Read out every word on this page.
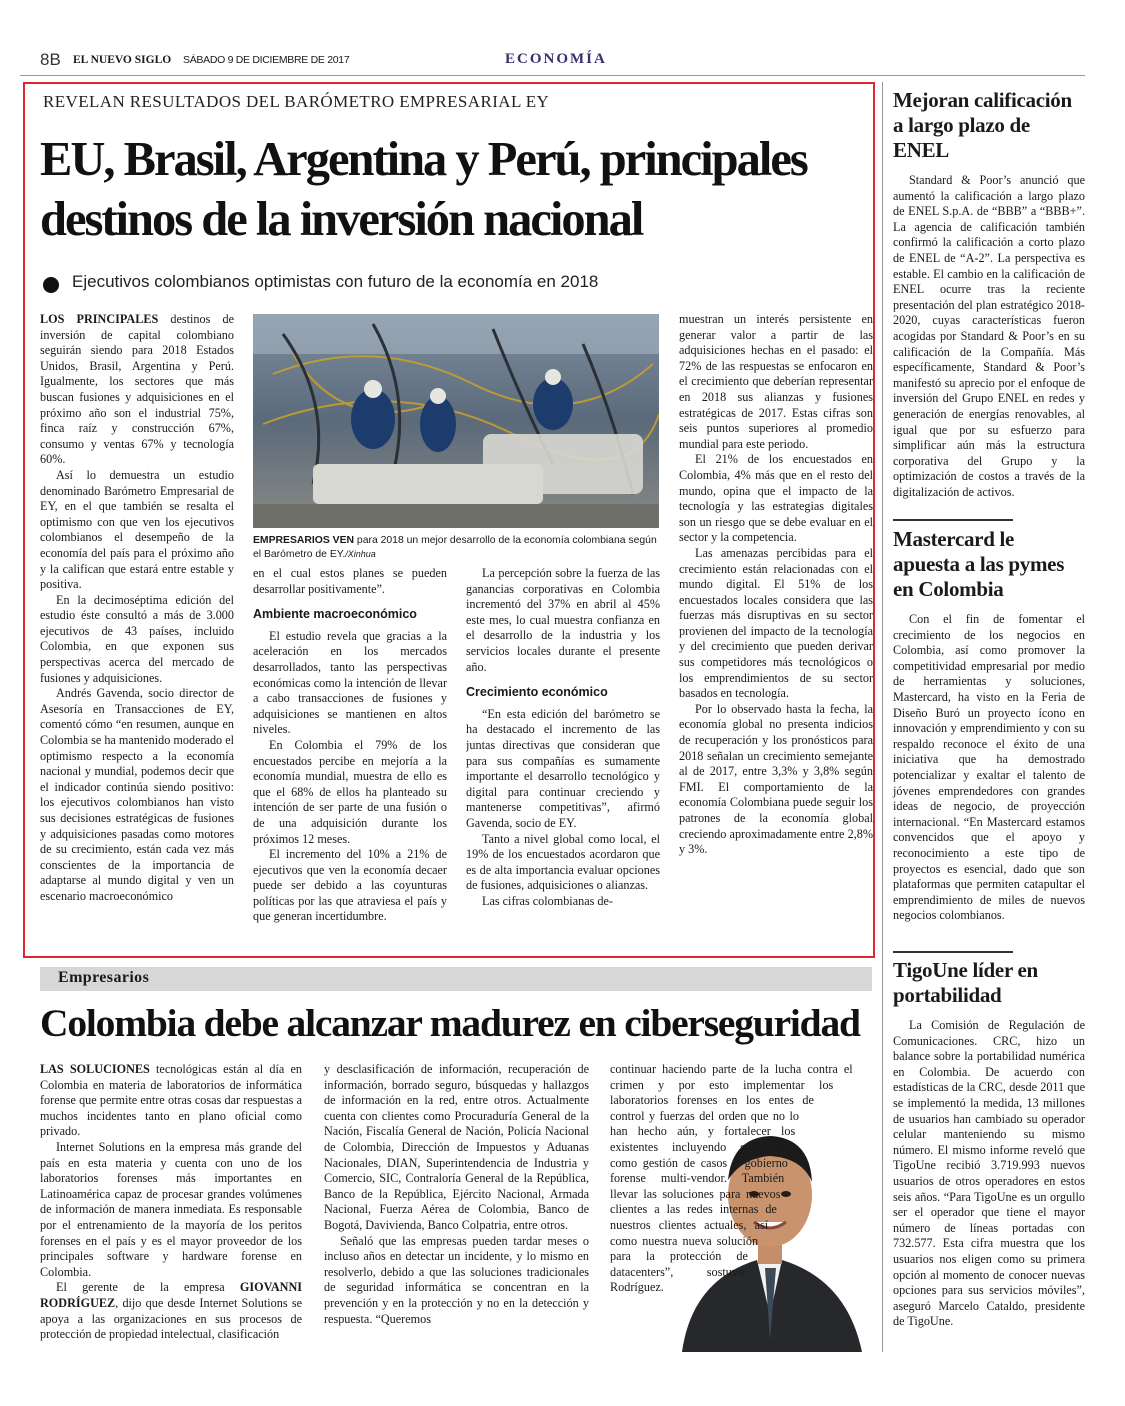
8B EL NUEVO SIGLO SÁBADO 9 DE DICIEMBRE DE 2017	ECONOMÍA
REVELAN RESULTADOS DEL BARÓMETRO EMPRESARIAL EY
EU, Brasil, Argentina y Perú, principales
destinos de la inversión nacional
Ejecutivos colombianos optimistas con futuro de la economía en 2018

LOS PRINCIPALES destinos de inversión de capital colombiano seguirán siendo para 2018 Estados Unidos, Brasil, Argentina y Perú. Igualmente, los sectores que más buscan fusiones y adquisiciones en el próximo año son el industrial 75%, finca raíz y construcción 67%, consumo y ventas 67% y tecnología 60%.

Así lo demuestra un estudio denominado Barómetro Empresarial de EY, en el que también se resalta el optimismo con que ven los ejecutivos colombianos el desempeño de la economía del país para el próximo año y la califican que estará entre estable y positiva.

En la decimoséptima edición del estudio éste consultó a más de 3.000 ejecutivos de 43 países, incluido Colombia, en que exponen sus perspectivas acerca del mercado de fusiones y adquisiciones.

Andrés Gavenda, socio director de Asesoría en Transacciones de EY, comentó cómo “en resumen, aunque en Colombia se ha mantenido moderado el optimismo respecto a la economía nacional y mundial, podemos decir que el indicador continúa siendo positivo: los ejecutivos colombianos han visto sus decisiones estratégicas de fusiones y adquisiciones pasadas como motores de su crecimiento, están cada vez más conscientes de la importancia de adaptarse al mundo digital y ven un escenario macroeconómico

EMPRESARIOS VEN para 2018 un mejor desarrollo de la economía colombiana según el Barómetro de EY./Xinhua

en el cual estos planes se pueden desarrollar positivamente”.

Ambiente macroeconómico

El estudio revela que gracias a la aceleración en los mercados desarrollados, tanto las perspectivas económicas como la intención de llevar a cabo transacciones de fusiones y adquisiciones se mantienen en altos niveles.

En Colombia el 79% de los encuestados percibe en mejoría a la economía mundial, muestra de ello es que el 68% de ellos ha planteado su intención de ser parte de una fusión o de una adquisición durante los próximos 12 meses.

El incremento del 10% a 21% de ejecutivos que ven la economía decaer puede ser debido a las coyunturas políticas por las que atraviesa el país y que generan incertidumbre.

La percepción sobre la fuerza de las ganancias corporativas en Colombia incrementó del 37% en abril al 45% este mes, lo cual muestra confianza en el desarrollo de la industria y los servicios locales durante el presente año.

Crecimiento económico

“En esta edición del barómetro se ha destacado el incremento de las juntas directivas que consideran que para sus compañías es sumamente importante el desarrollo tecnológico y digital para continuar creciendo y mantenerse competitivas”, afirmó Gavenda, socio de EY.

Tanto a nivel global como local, el 19% de los encuestados acordaron que es de alta importancia evaluar opciones de fusiones, adquisiciones o alianzas.

Las cifras colombianas de-

muestran un interés persistente en generar valor a partir de las adquisiciones hechas en el pasado: el 72% de las respuestas se enfocaron en el crecimiento que deberían representar en 2018 sus alianzas y fusiones estratégicas de 2017. Estas cifras son seis puntos superiores al promedio mundial para este periodo.

El 21% de los encuestados en Colombia, 4% más que en el resto del mundo, opina que el impacto de la tecnología y las estrategias digitales son un riesgo que se debe evaluar en el sector y la competencia.

Las amenazas percibidas para el crecimiento están relacionadas con el mundo digital. El 51% de los encuestados locales considera que las fuerzas más disruptivas en su sector provienen del impacto de la tecnología y del crecimiento que pueden derivar sus competidores más tecnológicos o los emprendimientos de su sector basados en tecnología.

Por lo observado hasta la fecha, la economía global no presenta indicios de recuperación y los pronósticos para 2018 señalan un crecimiento semejante al de 2017, entre 3,3% y 3,8% según FMI. El comportamiento de la economía Colombiana puede seguir los patrones de la economía global creciendo aproximadamente entre 2,8% y 3%.

Mejoran calificación a largo plazo de ENEL

Standard & Poor’s anunció que aumentó la calificación a largo plazo de ENEL S.p.A. de “BBB” a “BBB+”. La agencia de calificación también confirmó la calificación a corto plazo de ENEL de “A-2”. La perspectiva es estable. El cambio en la calificación de ENEL ocurre tras la reciente presentación del plan estratégico 2018-2020, cuyas características fueron acogidas por Standard & Poor’s en su calificación de la Compañía. Más específicamente, Standard & Poor’s manifestó su aprecio por el enfoque de inversión del Grupo ENEL en redes y generación de energías renovables, al igual que por su esfuerzo para simplificar aún más la estructura corporativa del Grupo y la optimización de costos a través de la digitalización de activos.

Mastercard le apuesta a las pymes en Colombia

Con el fin de fomentar el crecimiento de los negocios en Colombia, así como promover la competitividad empresarial por medio de herramientas y soluciones, Mastercard, ha visto en la Feria de Diseño Buró un proyecto ícono en innovación y emprendimiento y con su respaldo reconoce el éxito de una iniciativa que ha demostrado potencializar y exaltar el talento de jóvenes emprendedores con grandes ideas de negocio, de proyección internacional. “En Mastercard estamos convencidos que el apoyo y reconocimiento a este tipo de proyectos es esencial, dado que son plataformas que permiten catapultar el emprendimiento de miles de nuevos negocios colombianos.

TigoUne líder en portabilidad

La Comisión de Regulación de Comunicaciones. CRC, hizo un balance sobre la portabilidad numérica en Colombia. De acuerdo con estadísticas de la CRC, desde 2011 que se implementó la medida, 13 millones de usuarios han cambiado su operador celular manteniendo su mismo número. El mismo informe reveló que TigoUne recibió 3.719.993 nuevos usuarios de otros operadores en estos seis años. “Para TigoUne es un orgullo ser el operador que tiene el mayor número de líneas portadas con 732.577. Esta cifra muestra que los usuarios nos eligen como su primera opción al momento de conocer nuevas opciones para sus servicios móviles”, aseguró Marcelo Cataldo, presidente de TigoUne.

Empresarios
Colombia debe alcanzar madurez en ciberseguridad

LAS SOLUCIONES tecnológicas están al día en Colombia en materia de laboratorios de informática forense que permite entre otras cosas dar respuestas a muchos incidentes tanto en plano oficial como privado.

Internet Solutions en la empresa más grande del país en esta materia y cuenta con uno de los laboratorios forenses más importantes en Latinoamérica capaz de procesar grandes volúmenes de información de manera inmediata. Es responsable por el entrenamiento de la mayoría de los peritos forenses en el país y es el mayor proveedor de los principales software y hardware forense en Colombia.

El gerente de la empresa GIOVANNI RODRÍGUEZ, dijo que desde Internet Solutions se apoya a las organizaciones en sus procesos de protección de propiedad intelectual, clasificación

y desclasificación de información, recuperación de información, borrado seguro, búsquedas y hallazgos de información en la red, entre otros. Actualmente cuenta con clientes como Procuraduría General de la Nación, Fiscalía General de Nación, Policía Nacional de Colombia, Dirección de Impuestos y Aduanas Nacionales, DIAN, Superintendencia de Industria y Comercio, SIC, Contraloría General de la República, Banco de la República, Ejército Nacional, Armada Nacional, Fuerza Aérea de Colombia, Banco de Bogotá, Davivienda, Banco Colpatria, entre otros.

Señaló que las empresas pueden tardar meses o incluso años en detectar un incidente, y lo mismo en resolverlo, debido a que las soluciones tradicionales de seguridad informática se concentran en la prevención y en la protección y no en la detección y respuesta. “Queremos

continuar haciendo parte de la lucha contra el crimen y por esto implementar los laboratorios forenses en los entes de control y fuerzas del orden que no lo han hecho aún, y fortalecer los existentes incluyendo soluciones como gestión de casos y gobierno forense multi-vendor. También llevar las soluciones para nuevos clientes a las redes internas de nuestros clientes actuales, así como nuestra nueva solución para la protección de datacenters”, sostuvo Rodríguez.
